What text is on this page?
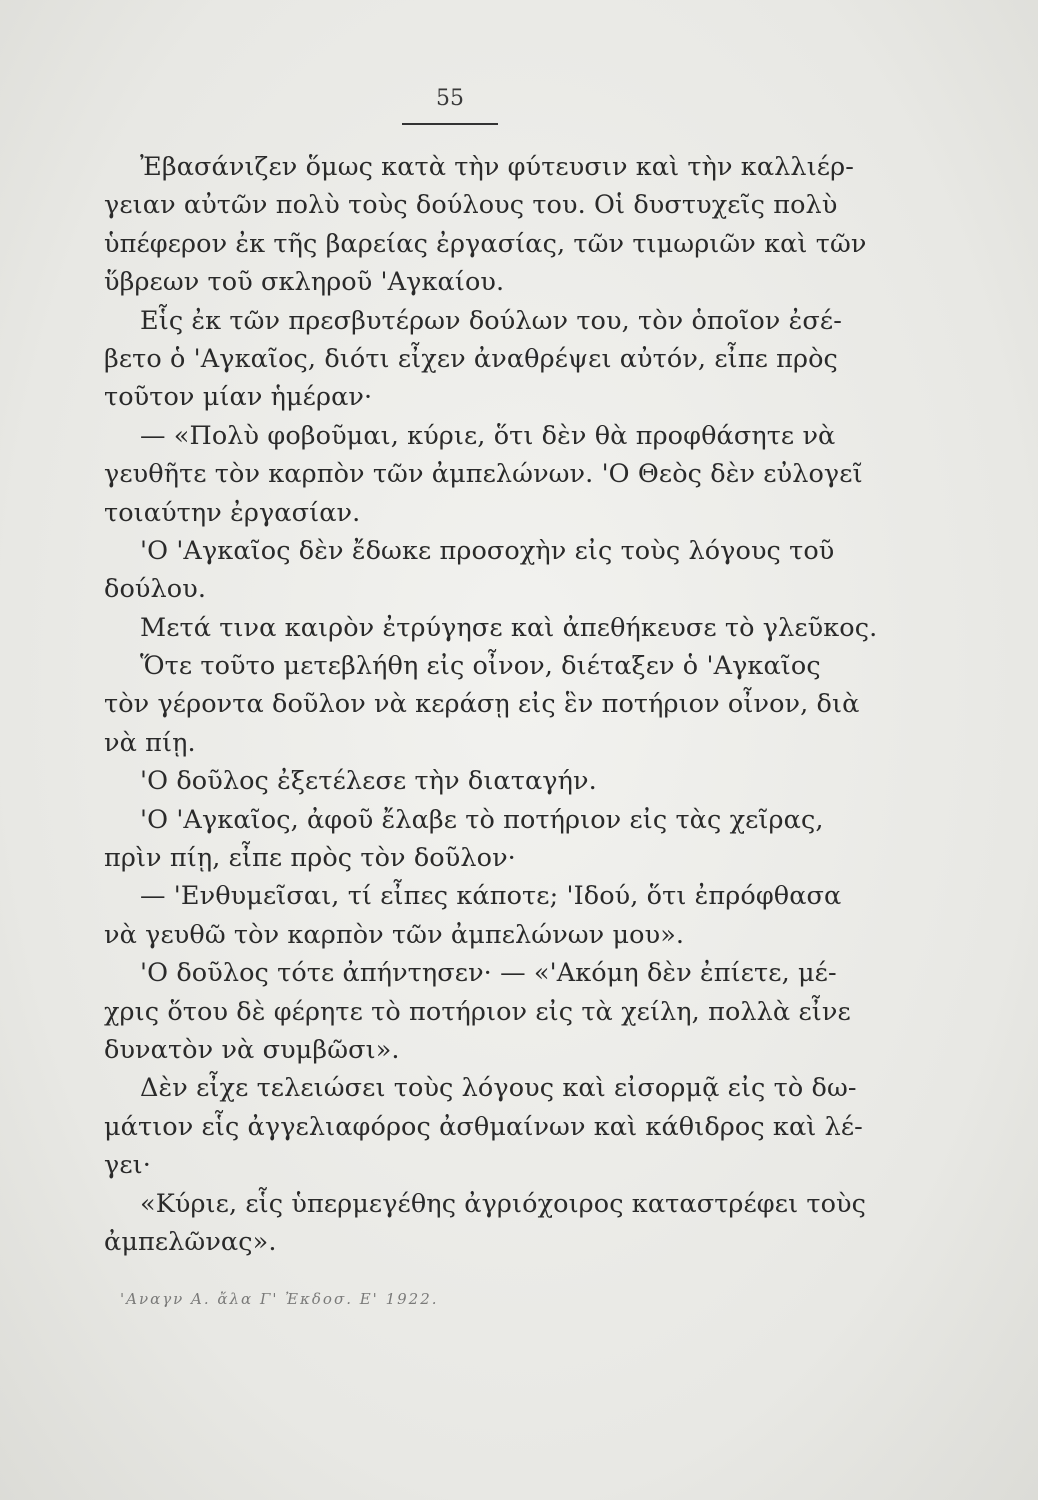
55
Ἐβασάνιζεν ὅμως κατὰ τὴν φύτευσιν καὶ τὴν καλλιέρ-
γειαν αὐτῶν πολὺ τοὺς δούλους του. Οἱ δυστυχεῖς πολὺ
ὑπέφερον ἐκ τῆς βαρείας ἐργασίας, τῶν τιμωριῶν καὶ τῶν
ὕβρεων τοῦ σκληροῦ 'Αγκαίου.
Εἷς ἐκ τῶν πρεσβυτέρων δούλων του, τὸν ὁποῖον ἐσέ-
βετο ὁ 'Αγκαῖος, διότι εἶχεν ἀναθρέψει αὐτόν, εἶπε πρὸς
τοῦτον μίαν ἡμέραν·
— «Πολὺ φοβοῦμαι, κύριε, ὅτι δὲν θὰ προφθάσητε νὰ
γευθῆτε τὸν καρπὸν τῶν ἀμπελώνων. 'Ο Θεὸς δὲν εὐλογεῖ
τοιαύτην ἐργασίαν.
'Ο 'Αγκαῖος δὲν ἔδωκε προσοχὴν εἰς τοὺς λόγους τοῦ
δούλου.
Μετά τινα καιρὸν ἐτρύγησε καὶ ἀπεθήκευσε τὸ γλεῦκος.
Ὅτε τοῦτο μετεβλήθη εἰς οἶνον, διέταξεν ὁ 'Αγκαῖος
τὸν γέροντα δοῦλον νὰ κεράσῃ εἰς ἓν ποτήριον οἶνον, διὰ
νὰ πίῃ.
'Ο δοῦλος ἐξετέλεσε τὴν διαταγήν.
'Ο 'Αγκαῖος, ἀφοῦ ἔλαβε τὸ ποτήριον εἰς τὰς χεῖρας,
πρὶν πίῃ, εἶπε πρὸς τὸν δοῦλον·
— 'Ενθυμεῖσαι, τί εἶπες κάποτε; 'Ιδού, ὅτι ἐπρόφθασα
νὰ γευθῶ τὸν καρπὸν τῶν ἀμπελώνων μου».
'Ο δοῦλος τότε ἀπήντησεν· — «'Ακόμη δὲν ἐπίετε, μέ-
χρις ὅτου δὲ φέρητε τὸ ποτήριον εἰς τὰ χείλη, πολλὰ εἶνε
δυνατὸν νὰ συμβῶσι».
Δὲν εἶχε τελειώσει τοὺς λόγους καὶ εἰσορμᾷ εἰς τὸ δω-
μάτιον εἷς ἀγγελιαφόρος ἀσθμαίνων καὶ κάθιδρος καὶ λέ-
γει·
«Κύριε, εἷς ὑπερμεγέθης ἀγριόχοιρος καταστρέφει τοὺς
ἀμπελῶνας».
'Αναγν Α. ἄλα Γ' Ἐκδοσ. Ε' 1922.
